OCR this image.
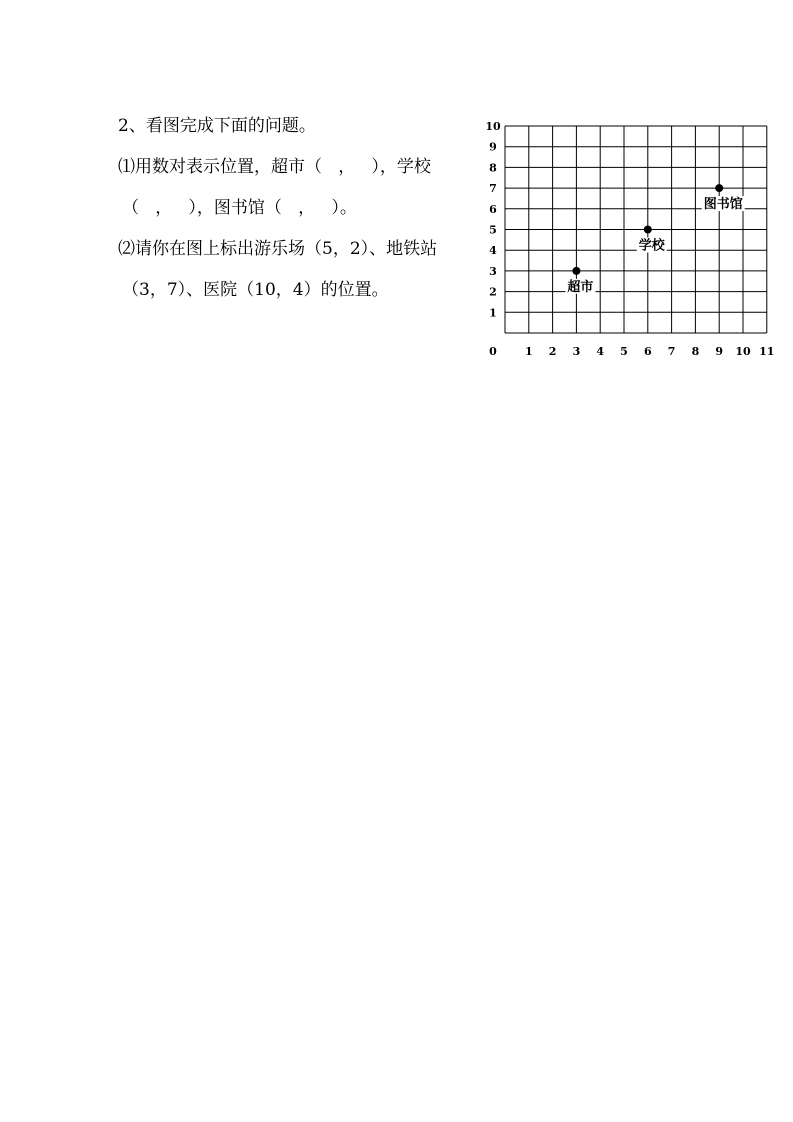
2、看图完成下面的问题。

⑴用数对表示位置，超市（   ，   ），学校

（   ，   ），图书馆（   ，   ）。

⑵请你在图上标出游乐场（5，2）、地铁站

（3，7）、医院（10，4）的位置。

0	1 2 3 4 5 6 7 8 9 10 11
1
2
3
4
5
6
7
8
9
10
超市
学校
图书馆
